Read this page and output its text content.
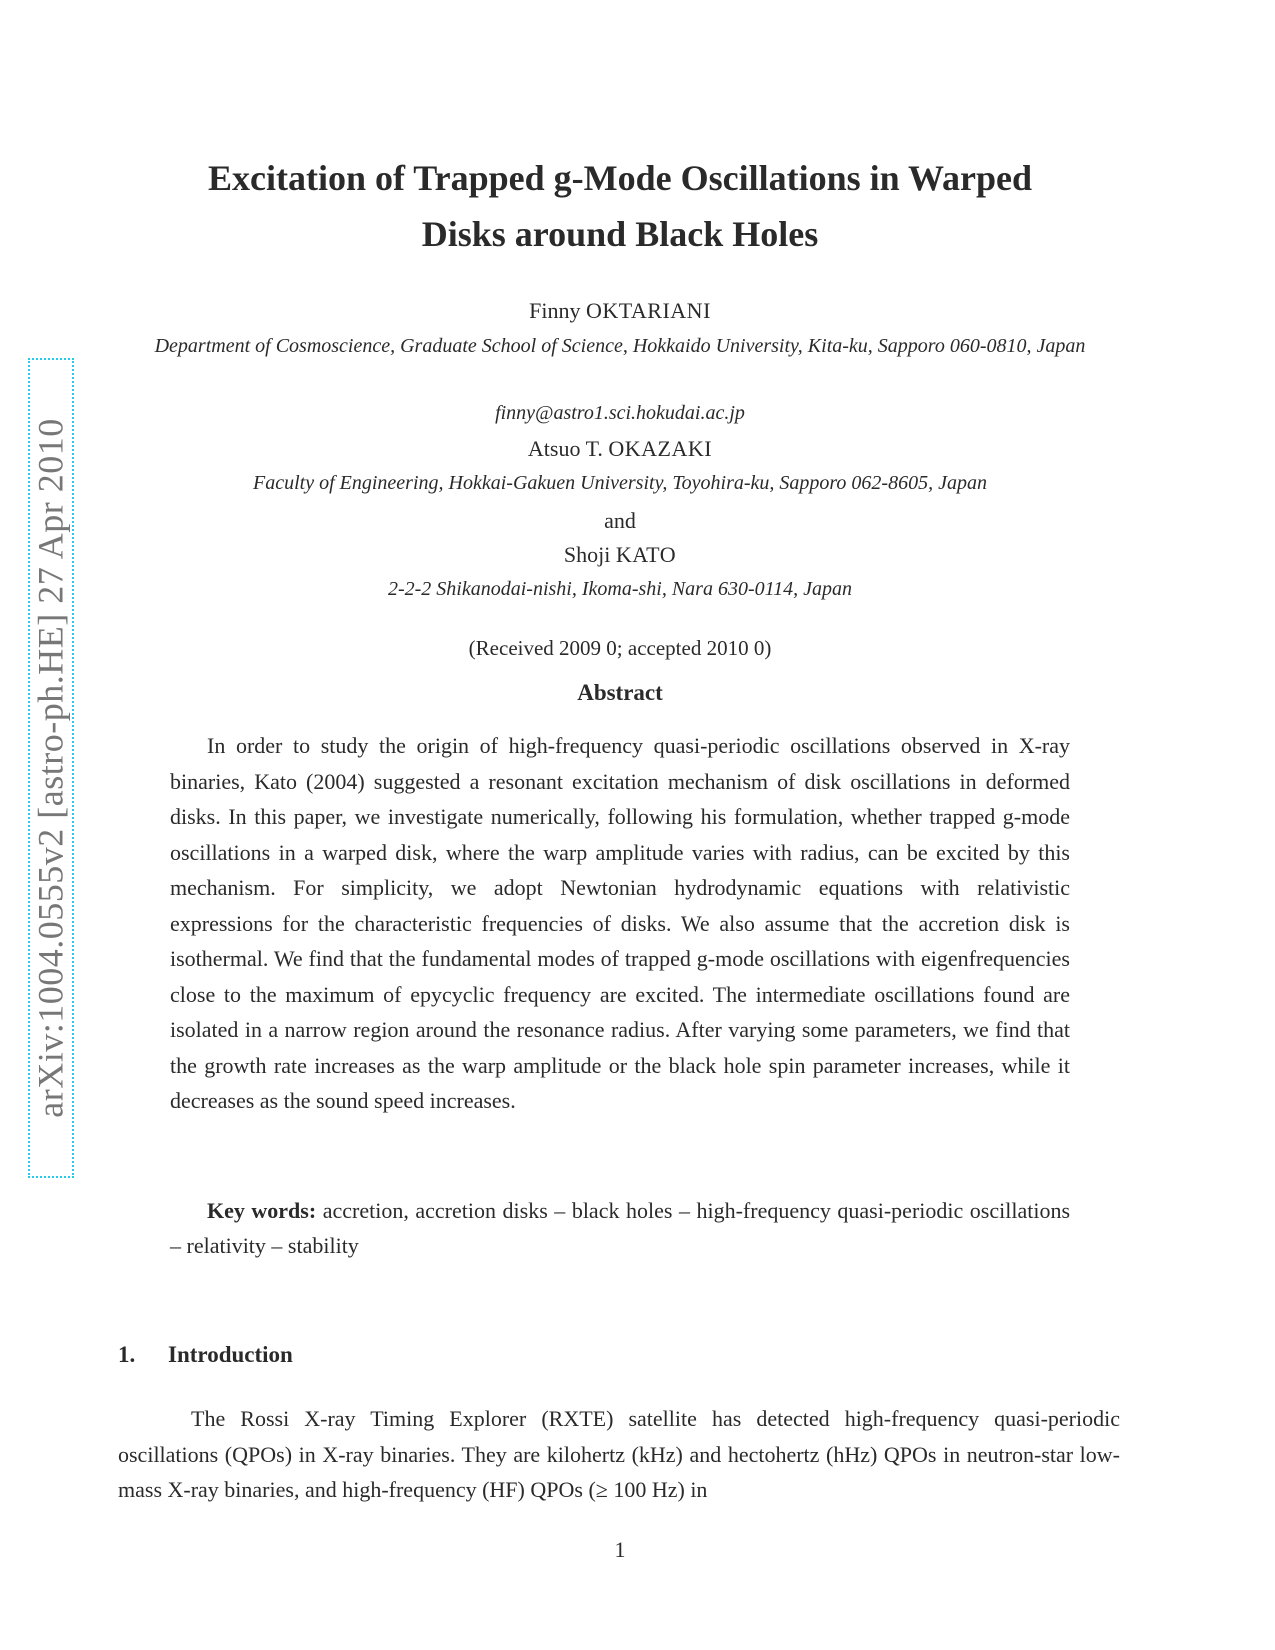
arXiv:1004.0555v2 [astro-ph.HE] 27 Apr 2010
Excitation of Trapped g-Mode Oscillations in Warped
Disks around Black Holes
Finny OKTARIANI
Department of Cosmoscience, Graduate School of Science, Hokkaido University, Kita-ku, Sapporo 060-0810, Japan
finny@astro1.sci.hokudai.ac.jp
Atsuo T. OKAZAKI
Faculty of Engineering, Hokkai-Gakuen University, Toyohira-ku, Sapporo 062-8605, Japan
and
Shoji KATO
2-2-2 Shikanodai-nishi, Ikoma-shi, Nara 630-0114, Japan
(Received 2009 0; accepted 2010 0)
Abstract

In order to study the origin of high-frequency quasi-periodic oscillations observed in X-ray binaries, Kato (2004) suggested a resonant excitation mechanism of disk oscillations in deformed disks. In this paper, we investigate numerically, following his formulation, whether trapped g-mode oscillations in a warped disk, where the warp amplitude varies with radius, can be excited by this mechanism. For simplicity, we adopt Newtonian hydrodynamic equations with relativistic expressions for the characteristic frequencies of disks. We also assume that the accretion disk is isothermal. We find that the fundamental modes of trapped g-mode oscillations with eigenfrequencies close to the maximum of epycyclic frequency are excited. The intermediate oscillations found are isolated in a narrow region around the resonance radius. After varying some parameters, we find that the growth rate increases as the warp amplitude or the black hole spin parameter increases, while it decreases as the sound speed increases.

Key words: accretion, accretion disks – black holes – high-frequency quasi-periodic oscillations – relativity – stability

1. Introduction

The Rossi X-ray Timing Explorer (RXTE) satellite has detected high-frequency quasi-periodic oscillations (QPOs) in X-ray binaries. They are kilohertz (kHz) and hectohertz (hHz) QPOs in neutron-star low-mass X-ray binaries, and high-frequency (HF) QPOs (≥ 100 Hz) in

1
